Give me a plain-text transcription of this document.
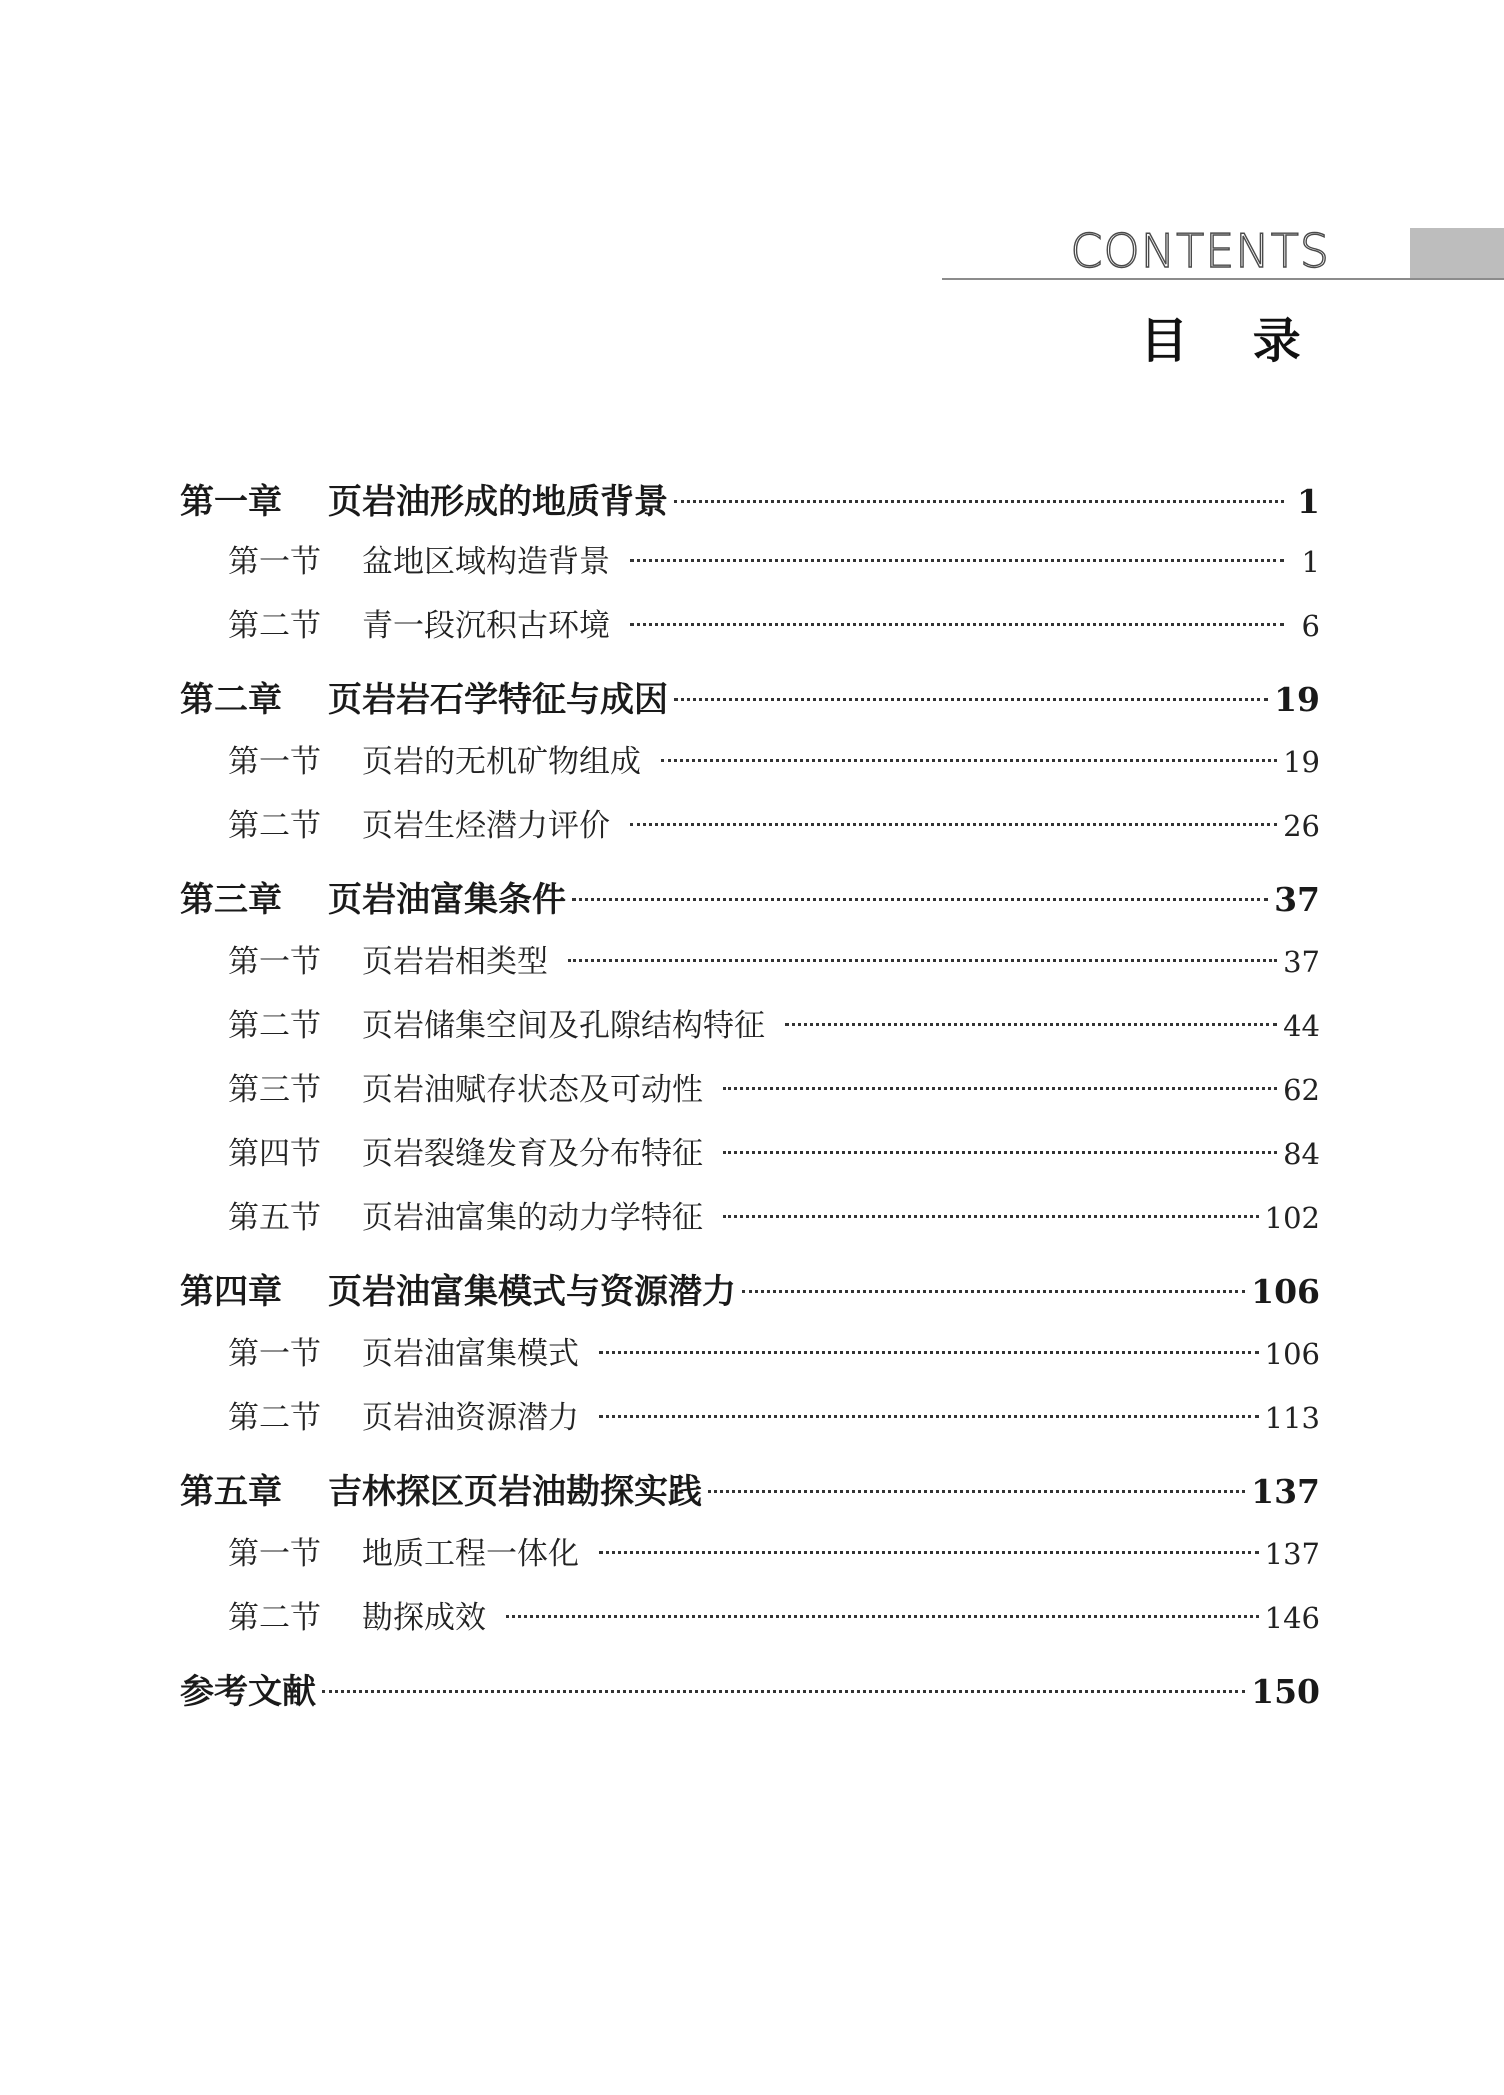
CONTENTS
目 录
第一章	页岩油形成的地质背景	1
第一节	盆地区域构造背景	1
第二节	青一段沉积古环境	6
第二章	页岩岩石学特征与成因	19
第一节	页岩的无机矿物组成	19
第二节	页岩生烃潜力评价	26
第三章	页岩油富集条件	37
第一节	页岩岩相类型	37
第二节	页岩储集空间及孔隙结构特征	44
第三节	页岩油赋存状态及可动性	62
第四节	页岩裂缝发育及分布特征	84
第五节	页岩油富集的动力学特征	102
第四章	页岩油富集模式与资源潜力	106
第一节	页岩油富集模式	106
第二节	页岩油资源潜力	113
第五章	吉林探区页岩油勘探实践	137
第一节	地质工程一体化	137
第二节	勘探成效	146
参考文献	150
